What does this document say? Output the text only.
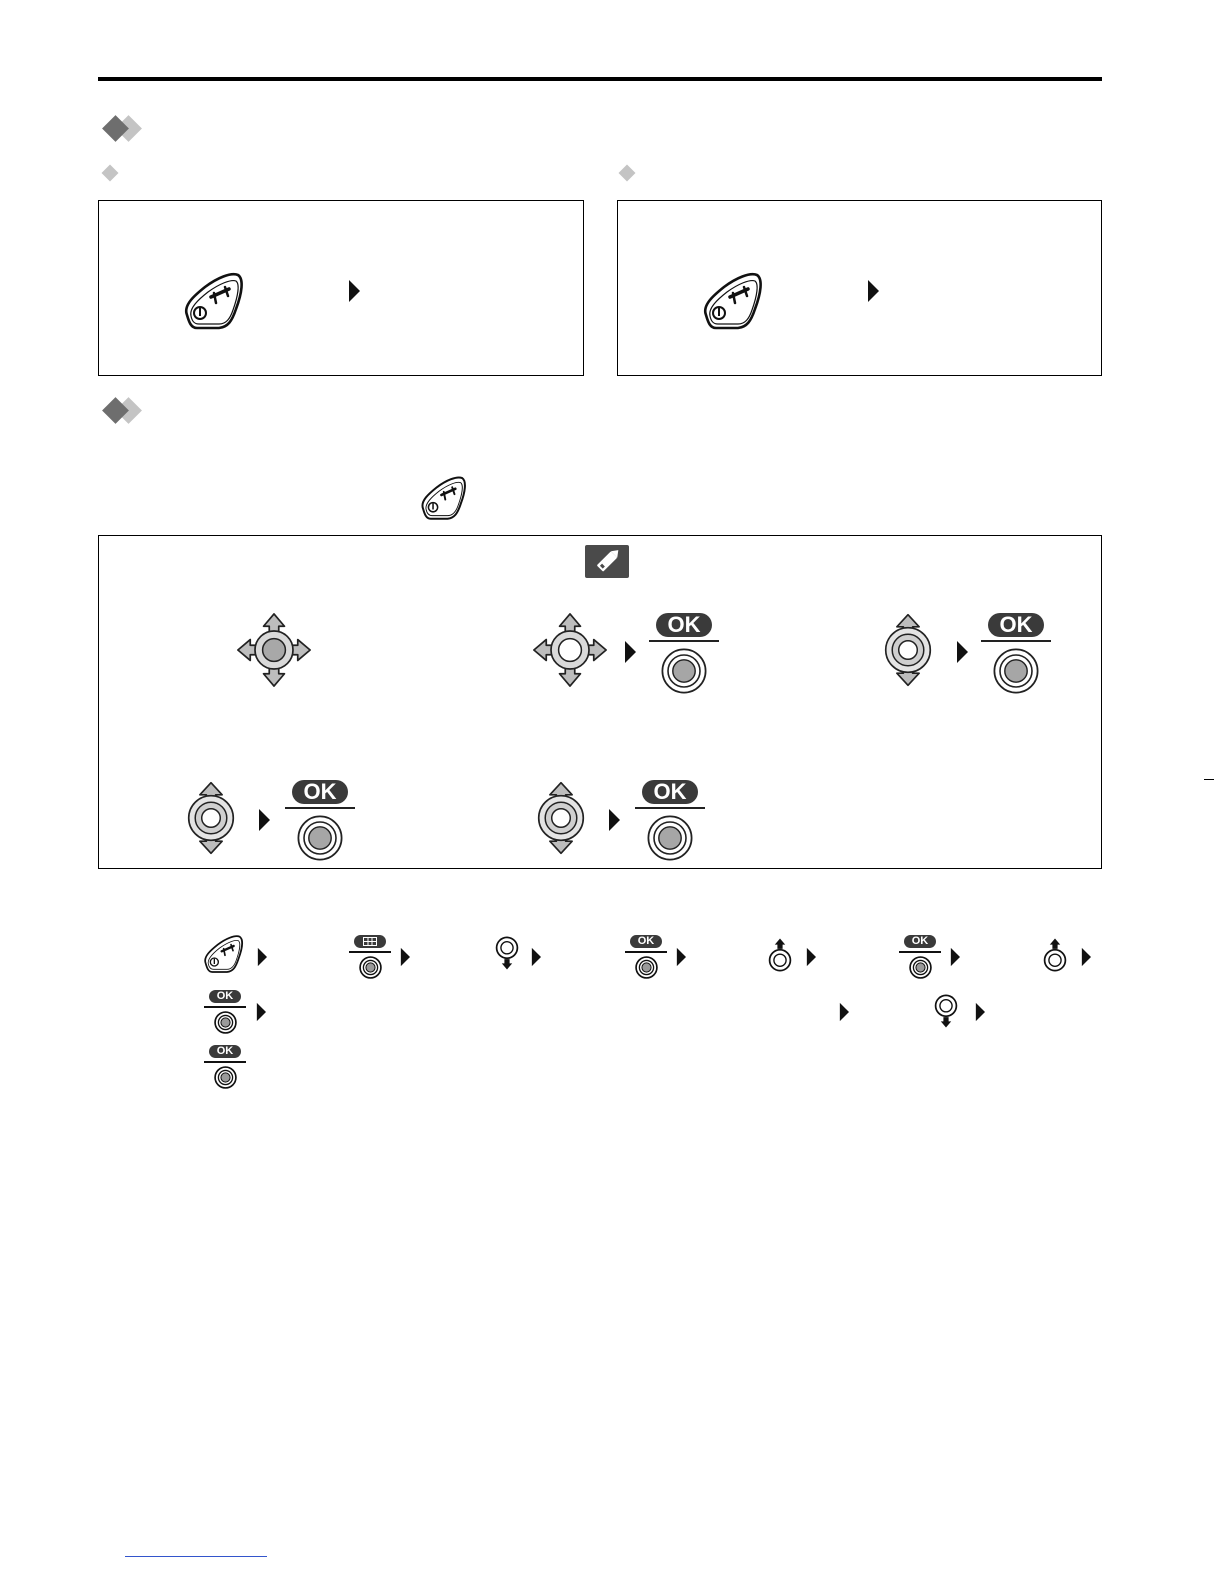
OK	OK
OK	OK
OK	OK
OK
OK
